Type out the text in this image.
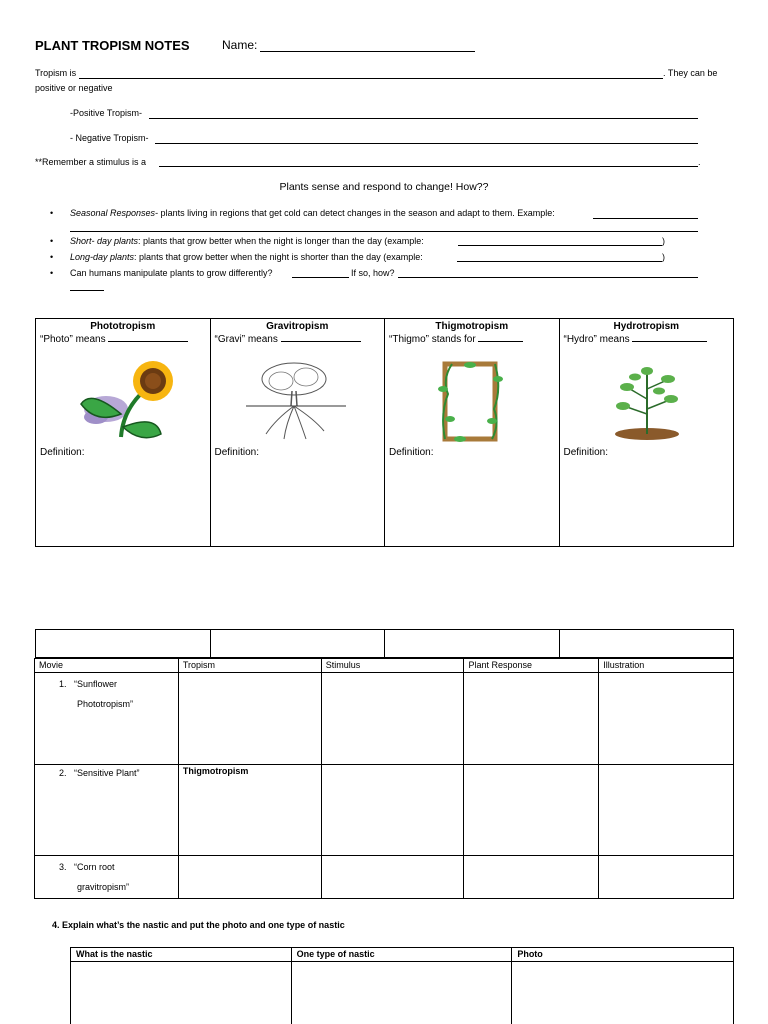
PLANT TROPISM NOTES	Name:
Tropism is	. They can be
positive or negative
-Positive Tropism-
- Negative Tropism-
**Remember a stimulus is a	.
Plants sense and respond to change! How??
• Seasonal Responses- plants living in regions that get cold can detect changes in the season and adapt to them. Example:
• Short- day plants: plants that grow better when the night is longer than the day (example:	)
• Long-day plants: plants that grow better when the night is shorter than the day (example:	)
• Can humans manipulate plants to grow differently?	If so, how?
Phototropism
“Photo” means
Definition:
Gravitropism
“Gravi” means
Definition:
Thigmotropism
“Thigmo” stands for
Definition:
Hydrotropism
“Hydro” means
Definition:
Movie	Tropism	Stimulus	Plant Response	Illustration
1. “Sunflower
Phototropism”				
2. “Sensitive Plant”	Thigmotropism			
3. “Corn root
gravitropism”				
4. Explain what’s the nastic and put the photo and one type of nastic
What is the nastic	One type of nastic	Photo
